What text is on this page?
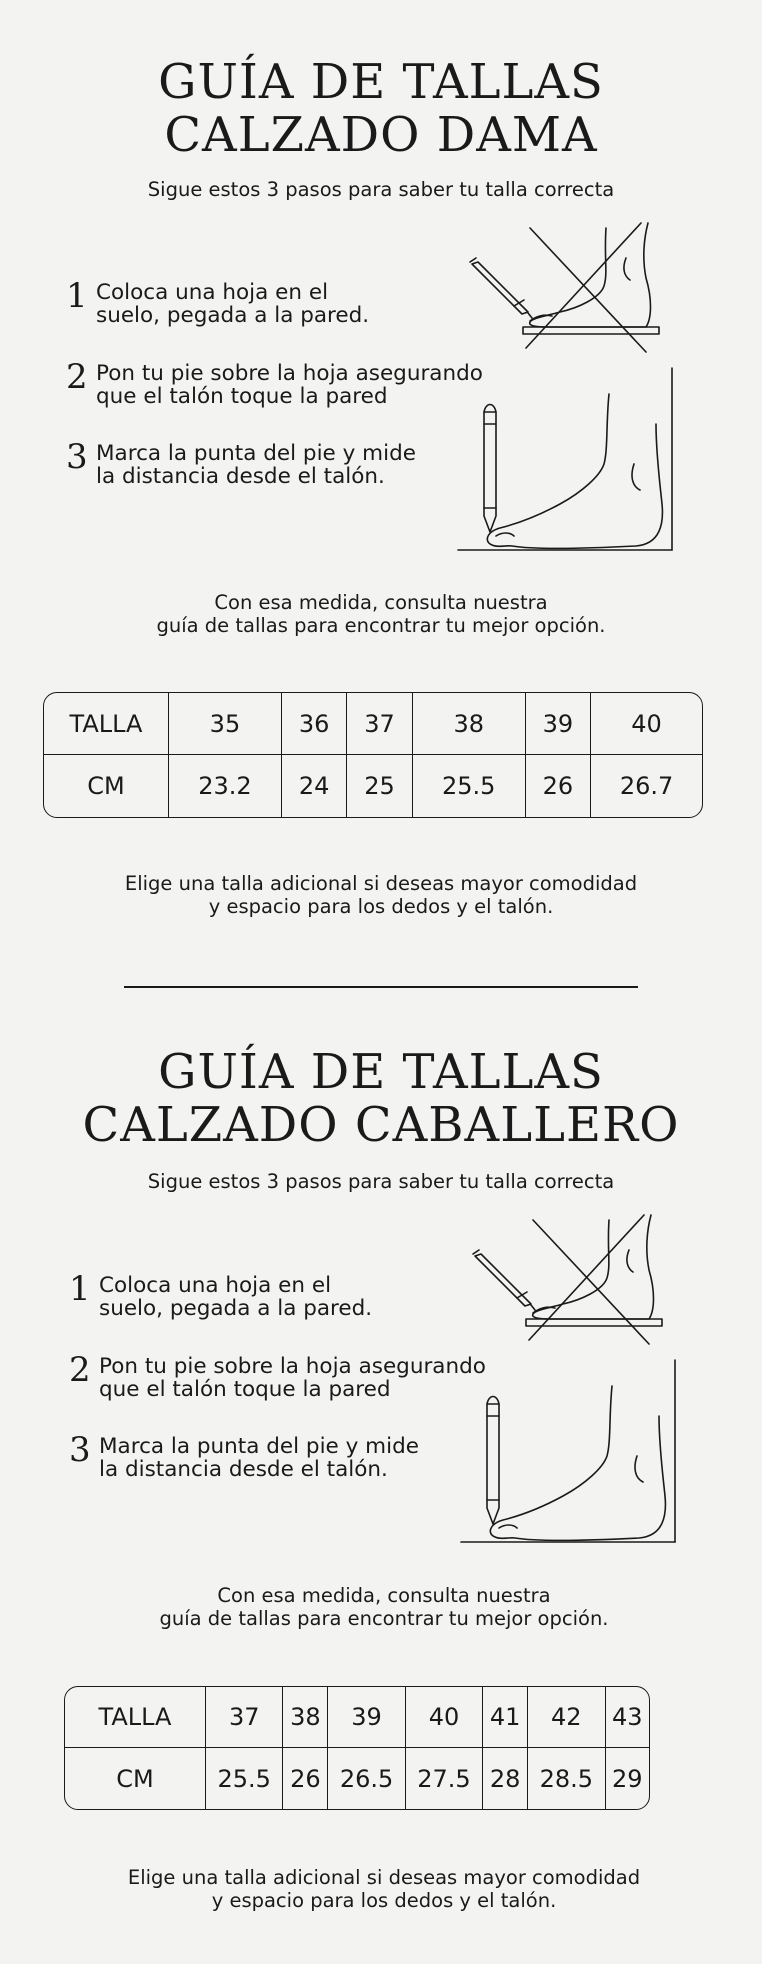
GUÍA DE TALLAS
CALZADO DAMA

Sigue estos 3 pasos para saber tu talla correcta

1 Coloca una hoja en el
suelo, pegada a la pared.
2 Pon tu pie sobre la hoja asegurando
que el talón toque la pared
3 Marca la punta del pie y mide
la distancia desde el talón.
Con esa medida, consulta nuestra
guía de tallas para encontrar tu mejor opción.
TALLA	35	36	37	38	39	40
CM	23.2	24	25	25.5	26	26.7
Elige una talla adicional si deseas mayor comodidad
y espacio para los dedos y el talón.
GUÍA DE TALLAS
CALZADO CABALLERO

Sigue estos 3 pasos para saber tu talla correcta

1 Coloca una hoja en el
suelo, pegada a la pared.
2 Pon tu pie sobre la hoja asegurando
que el talón toque la pared
3 Marca la punta del pie y mide
la distancia desde el talón.
Con esa medida, consulta nuestra
guía de tallas para encontrar tu mejor opción.
TALLA	37	38	39	40	41	42	43
CM	25.5	26	26.5	27.5	28	28.5	29
Elige una talla adicional si deseas mayor comodidad
y espacio para los dedos y el talón.
